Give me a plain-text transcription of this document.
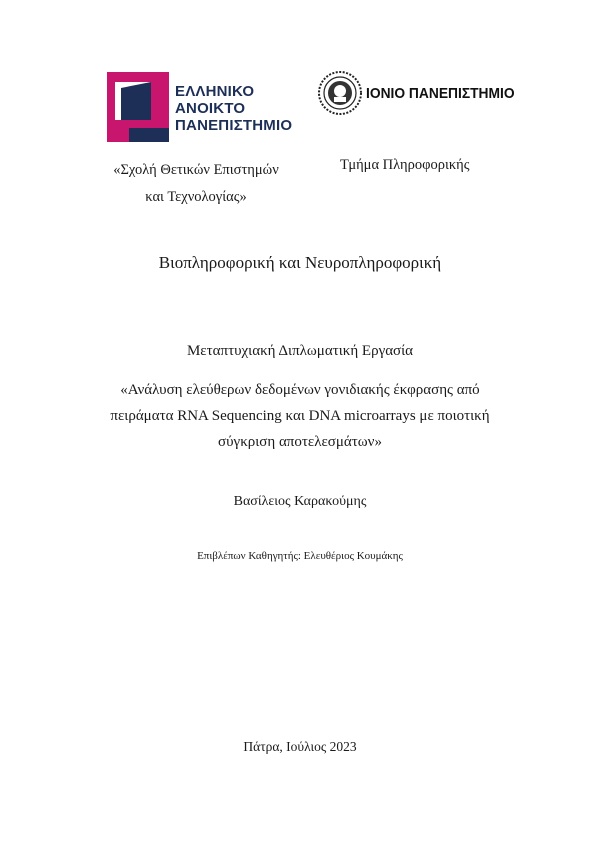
ΕΛΛΗΝΙΚΟ
ΑΝΟΙΚΤΟ
ΠΑΝΕΠΙΣΤΗΜΙΟ
ΙΟΝΙΟ ΠΑΝΕΠΙΣΤΗΜΙΟ
«Σχολή Θετικών Επιστημών
και Τεχνολογίας»
Τμήμα Πληροφορικής
Βιοπληροφορική και Νευροπληροφορική
Μεταπτυχιακή Διπλωματική Εργασία
«Ανάλυση ελεύθερων δεδομένων γονιδιακής έκφρασης από
πειράματα RNA Sequencing και DNA microarrays με ποιοτική
σύγκριση αποτελεσμάτων»
Βασίλειος Καρακούμης
Επιβλέπων Καθηγητής: Ελευθέριος Κουμάκης
Πάτρα, Ιούλιος 2023
